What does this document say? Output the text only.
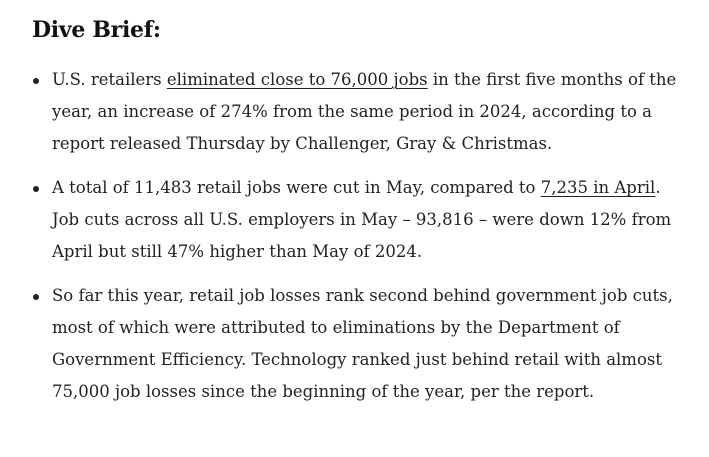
Dive Brief:
U.S. retailers eliminated close to 76,000 jobs in the first five months of the year, an increase of 274% from the same period in 2024, according to a report released Thursday by Challenger, Gray & Christmas.
A total of 11,483 retail jobs were cut in May, compared to 7,235 in April. Job cuts across all U.S. employers in May – 93,816 – were down 12% from April but still 47% higher than May of 2024.
So far this year, retail job losses rank second behind government job cuts, most of which were attributed to eliminations by the Department of Government Efficiency. Technology ranked just behind retail with almost 75,000 job losses since the beginning of the year, per the report.
